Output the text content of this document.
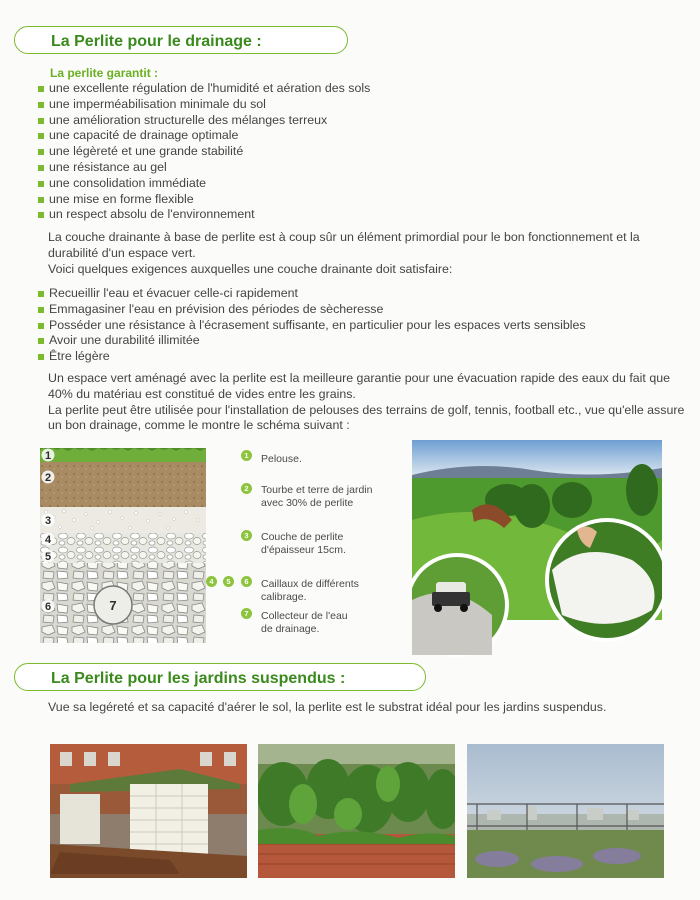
La Perlite pour le drainage :
La perlite garantit :
une excellente régulation de l'humidité et aération des sols
une imperméabilisation minimale du sol
une amélioration structurelle des mélanges terreux
une capacité de drainage optimale
une légèreté et une grande stabilité
une résistance au gel
une consolidation immédiate
une mise en forme flexible
un respect absolu de l'environnement
La couche drainante à base de perlite est à coup sûr un élément primordial pour le bon fonctionnement et la durabilité d'un espace vert.
Voici quelques exigences auxquelles une couche drainante doit satisfaire:
Recueillir l'eau et évacuer celle-ci rapidement
Emmagasiner l'eau en prévision des périodes de sècheresse
Posséder une résistance à l'écrasement suffisante, en particulier pour les espaces verts sensibles
Avoir une durabilité illimitée
Être légère
Un espace vert aménagé avec la perlite est la meilleure garantie pour une évacuation rapide des eaux du fait que 40% du matériau est constitué de vides entre les grains.
La perlite peut être utilisée pour l'installation de pelouses des terrains de golf, tennis, football etc., vue qu'elle assure un bon drainage, comme le montre le schéma suivant :
1
2
3
4
5
6	7
1	Pelouse.
2	Tourbe et terre de jardin
avec 30% de perlite
3	Couche de perlite
d'épaisseur 15cm.
4	5	6	Caillaux de différents
calibrage.
7	Collecteur de l'eau
de drainage.
La Perlite pour les jardins suspendus :
Vue sa legéreté et sa capacité d'aérer le sol, la perlite est le substrat idéal pour les jardins suspendus.
